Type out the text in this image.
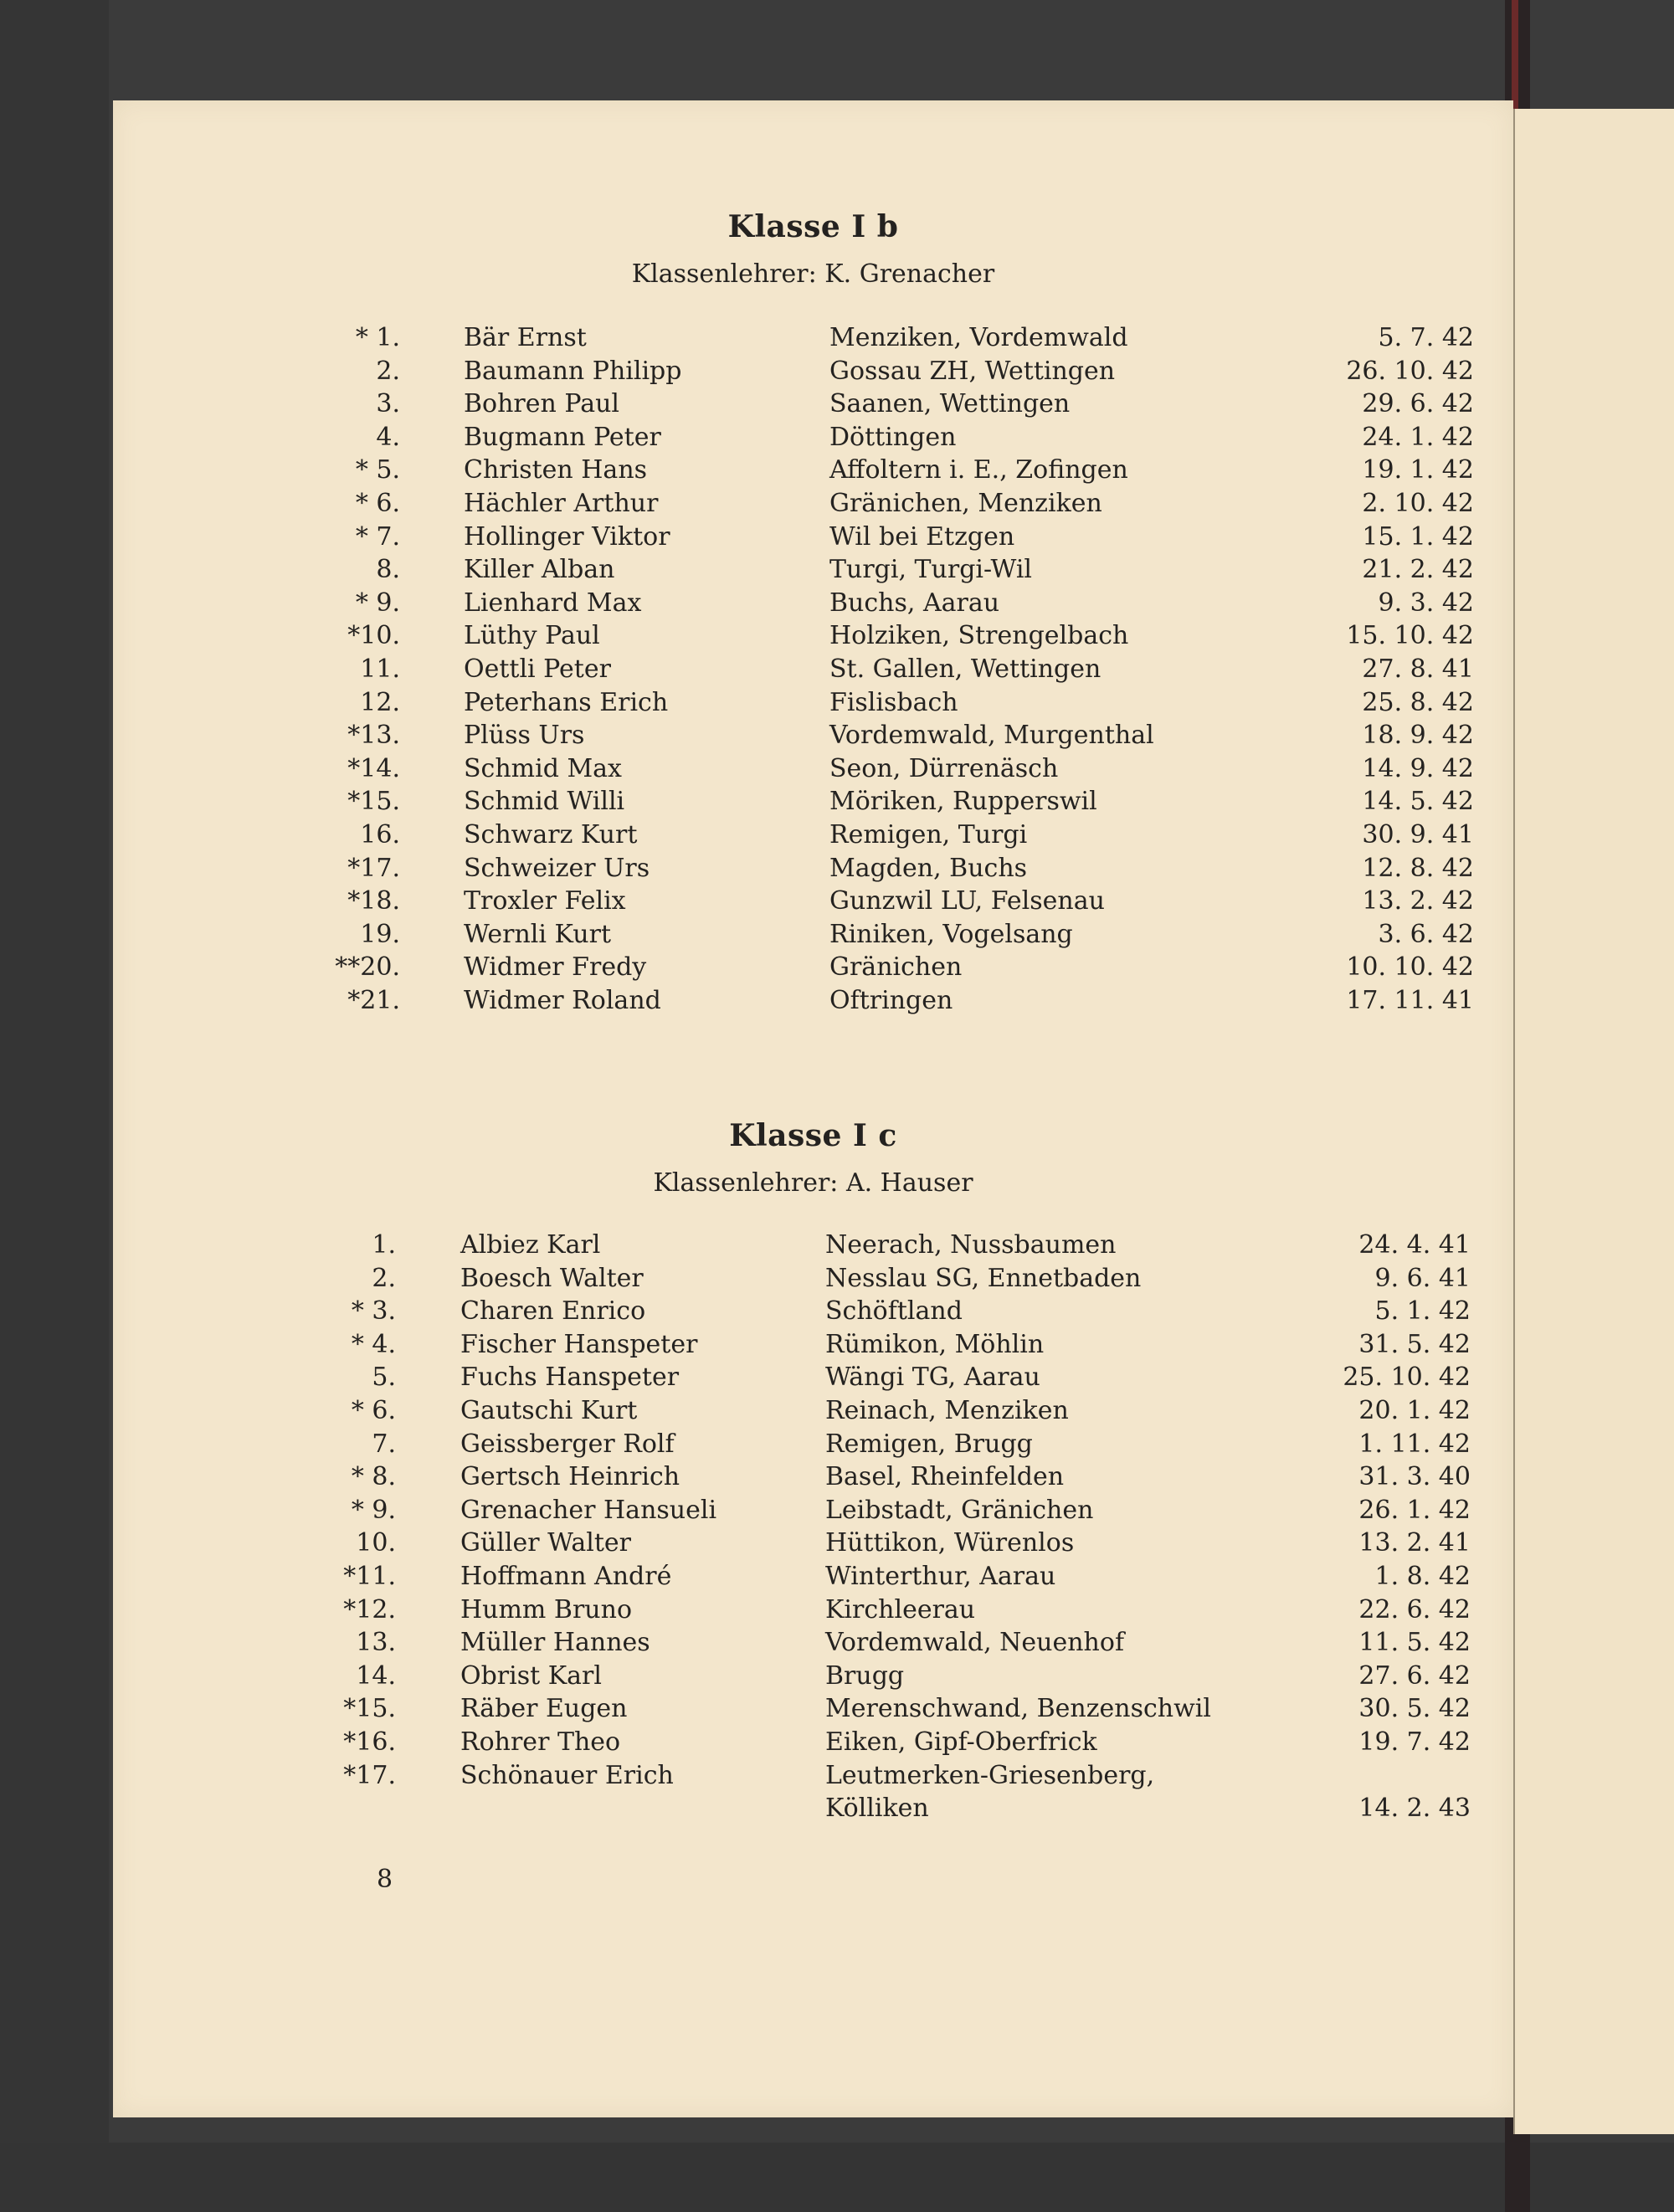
Klasse I b
Klassenlehrer: K. Grenacher
* 1.	Bär Ernst	Menziken, Vordemwald	5. 7. 42
2.	Baumann Philipp	Gossau ZH, Wettingen	26. 10. 42
3.	Bohren Paul	Saanen, Wettingen	29. 6. 42
4.	Bugmann Peter	Döttingen	24. 1. 42
* 5.	Christen Hans	Affoltern i. E., Zofingen	19. 1. 42
* 6.	Hächler Arthur	Gränichen, Menziken	2. 10. 42
* 7.	Hollinger Viktor	Wil bei Etzgen	15. 1. 42
8.	Killer Alban	Turgi, Turgi-Wil	21. 2. 42
* 9.	Lienhard Max	Buchs, Aarau	9. 3. 42
*10.	Lüthy Paul	Holziken, Strengelbach	15. 10. 42
11.	Oettli Peter	St. Gallen, Wettingen	27. 8. 41
12.	Peterhans Erich	Fislisbach	25. 8. 42
*13.	Plüss Urs	Vordemwald, Murgenthal	18. 9. 42
*14.	Schmid Max	Seon, Dürrenäsch	14. 9. 42
*15.	Schmid Willi	Möriken, Rupperswil	14. 5. 42
16.	Schwarz Kurt	Remigen, Turgi	30. 9. 41
*17.	Schweizer Urs	Magden, Buchs	12. 8. 42
*18.	Troxler Felix	Gunzwil LU, Felsenau	13. 2. 42
19.	Wernli Kurt	Riniken, Vogelsang	3. 6. 42
**20.	Widmer Fredy	Gränichen	10. 10. 42
*21.	Widmer Roland	Oftringen	17. 11. 41
Klasse I c
Klassenlehrer: A. Hauser
1.	Albiez Karl	Neerach, Nussbaumen	24. 4. 41
2.	Boesch Walter	Nesslau SG, Ennetbaden	9. 6. 41
* 3.	Charen Enrico	Schöftland	5. 1. 42
* 4.	Fischer Hanspeter	Rümikon, Möhlin	31. 5. 42
5.	Fuchs Hanspeter	Wängi TG, Aarau	25. 10. 42
* 6.	Gautschi Kurt	Reinach, Menziken	20. 1. 42
7.	Geissberger Rolf	Remigen, Brugg	1. 11. 42
* 8.	Gertsch Heinrich	Basel, Rheinfelden	31. 3. 40
* 9.	Grenacher Hansueli	Leibstadt, Gränichen	26. 1. 42
10.	Güller Walter	Hüttikon, Würenlos	13. 2. 41
*11.	Hoffmann André	Winterthur, Aarau	1. 8. 42
*12.	Humm Bruno	Kirchleerau	22. 6. 42
13.	Müller Hannes	Vordemwald, Neuenhof	11. 5. 42
14.	Obrist Karl	Brugg	27. 6. 42
*15.	Räber Eugen	Merenschwand, Benzenschwil	30. 5. 42
*16.	Rohrer Theo	Eiken, Gipf-Oberfrick	19. 7. 42
*17.	Schönauer Erich	Leutmerken-Griesenberg,
Kölliken	14. 2. 43
8
